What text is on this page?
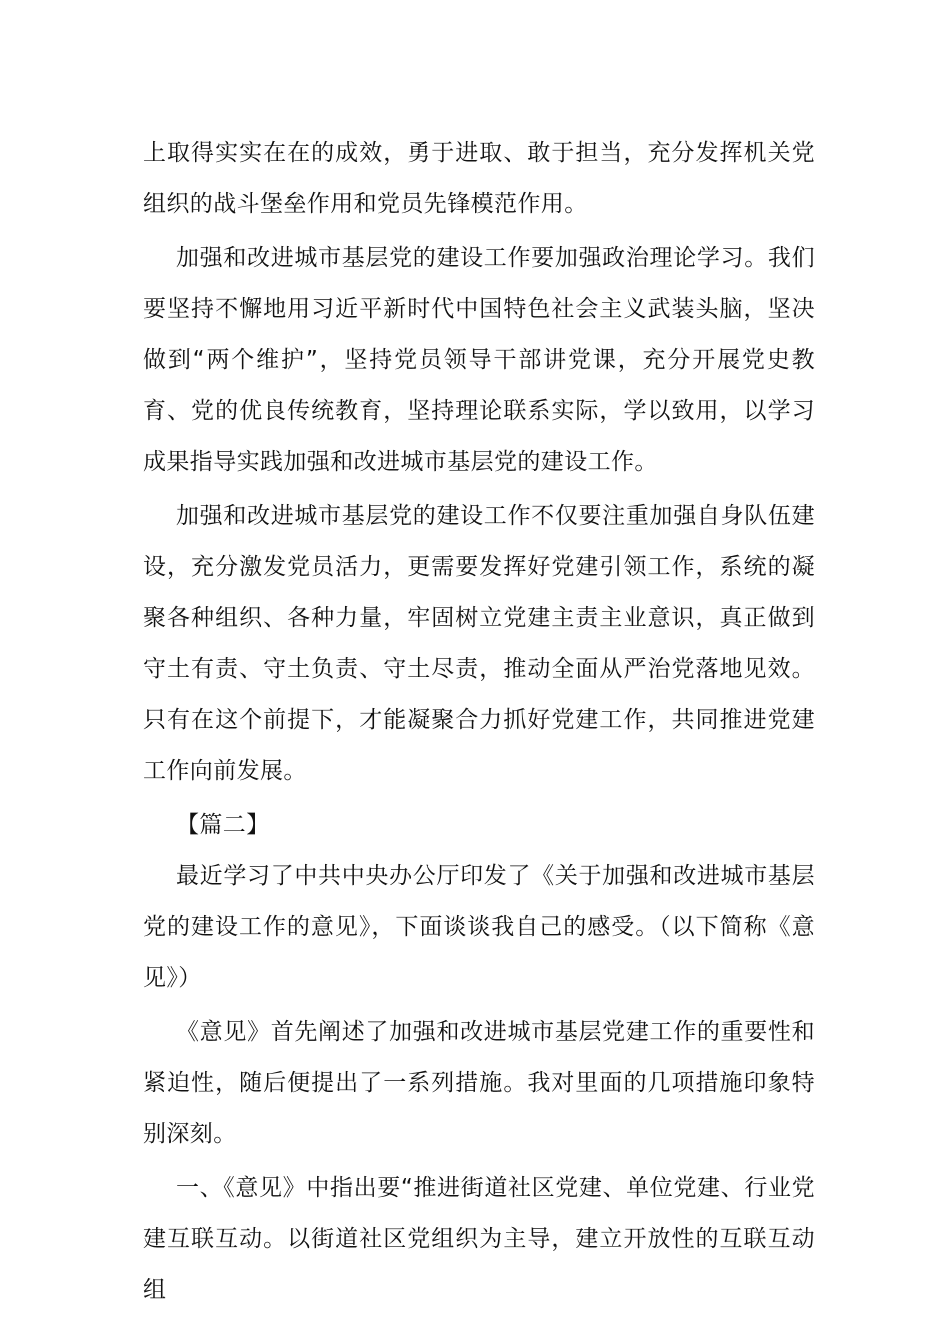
上取得实实在在的成效，勇于进取、敢于担当，充分发挥机关党组织的战斗堡垒作用和党员先锋模范作用。

加强和改进城市基层党的建设工作要加强政治理论学习。我们要坚持不懈地用习近平新时代中国特色社会主义武装头脑，坚决做到“两个维护”，坚持党员领导干部讲党课，充分开展党史教育、党的优良传统教育，坚持理论联系实际，学以致用，以学习成果指导实践加强和改进城市基层党的建设工作。

加强和改进城市基层党的建设工作不仅要注重加强自身队伍建设，充分激发党员活力，更需要发挥好党建引领工作，系统的凝聚各种组织、各种力量，牢固树立党建主责主业意识，真正做到守土有责、守土负责、守土尽责，推动全面从严治党落地见效。只有在这个前提下，才能凝聚合力抓好党建工作，共同推进党建工作向前发展。

【篇二】

最近学习了中共中央办公厅印发了《关于加强和改进城市基层党的建设工作的意见》，下面谈谈我自己的感受。（以下简称《意见》）

《意见》首先阐述了加强和改进城市基层党建工作的重要性和紧迫性，随后便提出了一系列措施。我对里面的几项措施印象特别深刻。

一、《意见》中指出要“推进街道社区党建、单位党建、行业党建互联互动。以街道社区党组织为主导，建立开放性的互联互动组
